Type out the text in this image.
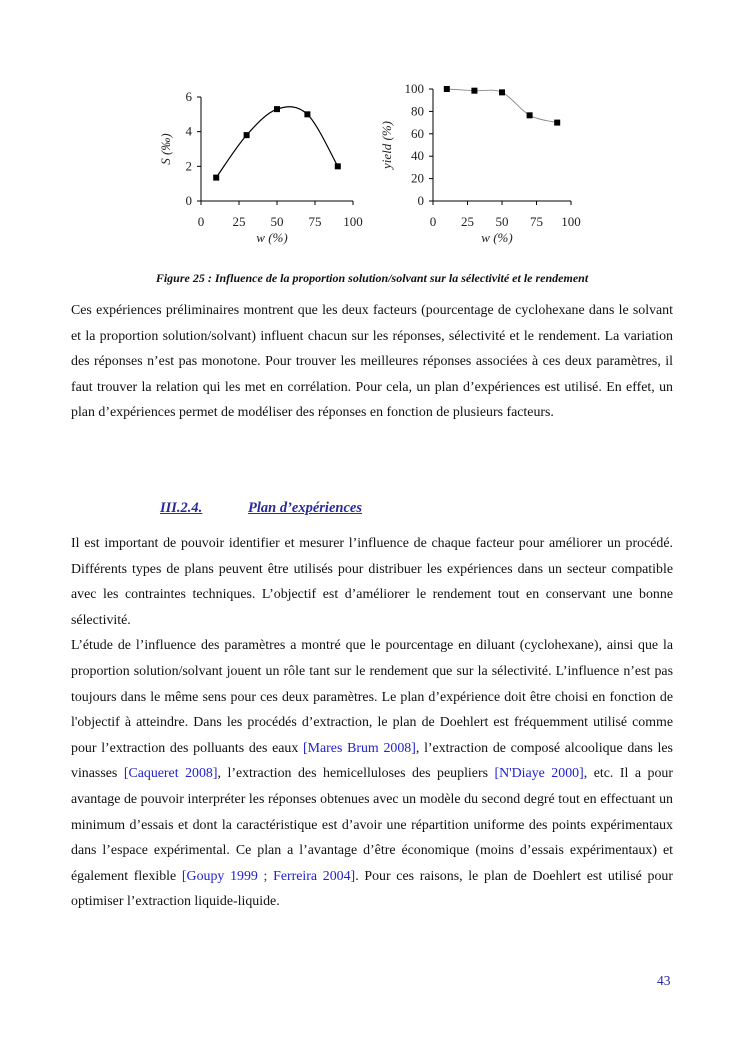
0 25 50 75 100
0
2
4
6
w (%)
S (‰)
0 25 50 75 100
0
20
40
60
80
100
w (%)
yield (%)
Figure 25 : Influence de la proportion solution/solvant sur la sélectivité et le rendement
Ces expériences préliminaires montrent que les deux facteurs (pourcentage de cyclohexane dans le solvant et la proportion solution/solvant) influent chacun sur les réponses, sélectivité et le rendement. La variation des réponses n’est pas monotone. Pour trouver les meilleures réponses associées à ces deux paramètres, il faut trouver la relation qui les met en corrélation. Pour cela, un plan d’expériences est utilisé. En effet, un plan d’expériences permet de modéliser des réponses en fonction de plusieurs facteurs.
III.2.4.	Plan d’expériences

Il est important de pouvoir identifier et mesurer l’influence de chaque facteur pour améliorer un procédé. Différents types de plans peuvent être utilisés pour distribuer les expériences dans un secteur compatible avec les contraintes techniques. L’objectif est d’améliorer le rendement tout en conservant une bonne sélectivité.

L’étude de l’influence des paramètres a montré que le pourcentage en diluant (cyclohexane), ainsi que la proportion solution/solvant jouent un rôle tant sur le rendement que sur la sélectivité. L’influence n’est pas toujours dans le même sens pour ces deux paramètres. Le plan d’expérience doit être choisi en fonction de l'objectif à atteindre. Dans les procédés d’extraction, le plan de Doehlert est fréquemment utilisé comme pour l’extraction des polluants des eaux [Mares Brum 2008], l’extraction de composé alcoolique dans les vinasses [Caqueret 2008], l’extraction des hemicelluloses des peupliers [N'Diaye 2000], etc. Il a pour avantage de pouvoir interpréter les réponses obtenues avec un modèle du second degré tout en effectuant un minimum d’essais et dont la caractéristique est d’avoir une répartition uniforme des points expérimentaux dans l’espace expérimental. Ce plan a l’avantage d’être économique (moins d’essais expérimentaux) et également flexible [Goupy 1999 ; Ferreira 2004]. Pour ces raisons, le plan de Doehlert est utilisé pour optimiser l’extraction liquide-liquide.

43
